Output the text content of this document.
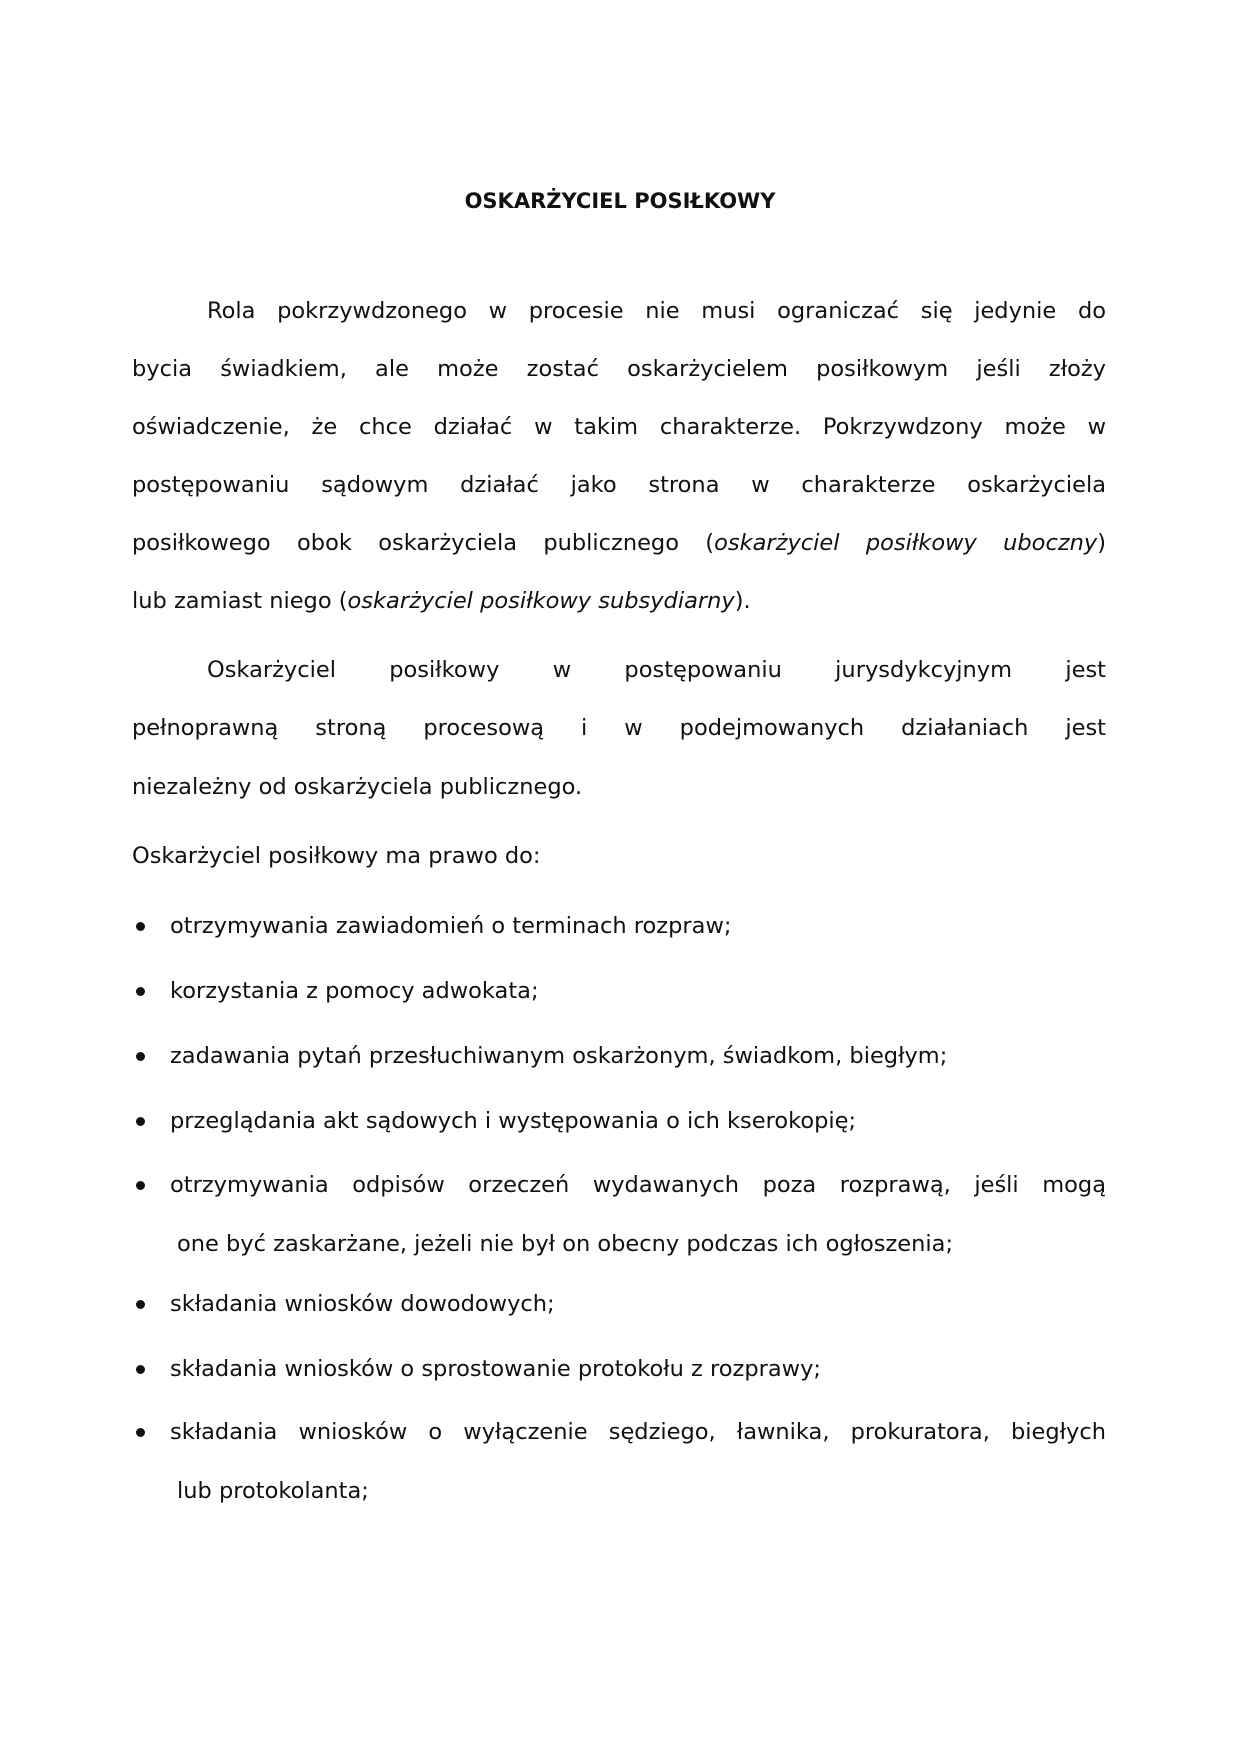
OSKARŻYCIEL POSIŁKOWY
Rola pokrzywdzonego w procesie nie musi ograniczać się jedynie do
bycia świadkiem, ale może zostać oskarżycielem posiłkowym jeśli złoży
oświadczenie, że chce działać w takim charakterze. Pokrzywdzony może w
postępowaniu sądowym działać jako strona w charakterze oskarżyciela
posiłkowego obok oskarżyciela publicznego (oskarżyciel posiłkowy uboczny)
lub zamiast niego (oskarżyciel posiłkowy subsydiarny).
Oskarżyciel posiłkowy w postępowaniu jurysdykcyjnym jest
pełnoprawną stroną procesową i w podejmowanych działaniach jest
niezależny od oskarżyciela publicznego.
Oskarżyciel posiłkowy ma prawo do:
otrzymywania zawiadomień o terminach rozpraw;
korzystania z pomocy adwokata;
zadawania pytań przesłuchiwanym oskarżonym, świadkom, biegłym;
przeglądania akt sądowych i występowania o ich kserokopię;
otrzymywania odpisów orzeczeń wydawanych poza rozprawą, jeśli mogą
one być zaskarżane, jeżeli nie był on obecny podczas ich ogłoszenia;
składania wniosków dowodowych;
składania wniosków o sprostowanie protokołu z rozprawy;
składania wniosków o wyłączenie sędziego, ławnika, prokuratora, biegłych
lub protokolanta;
